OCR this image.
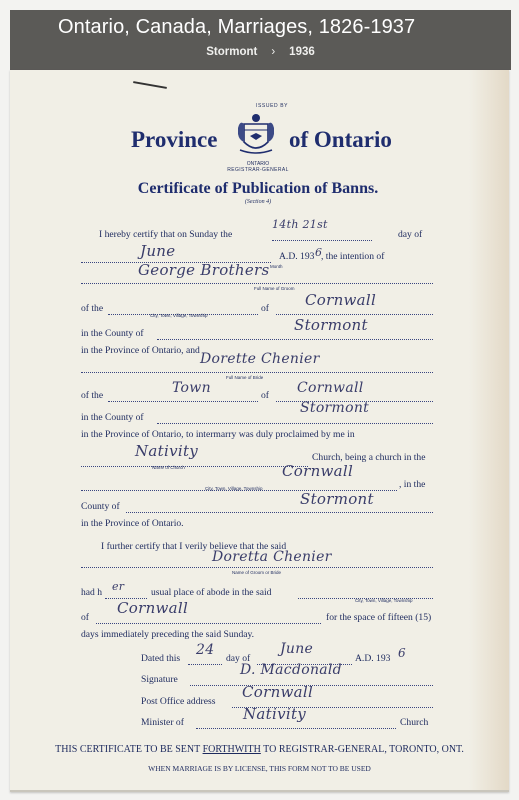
Ontario, Canada, Marriages, 1826-1937
Stormont › 1936
ISSUED BY
Province	of Ontario
ONTARIO
REGISTRAR-GENERAL
Certificate of Publication of Banns.
(Section 4)
I hereby certify that on Sunday the
14th 21st
day of
June
Month
A.D. 193 6
, the intention of
George Brothers
Full Name of Groom
of the
City, Town, Village, Township
of Cornwall
in the County of	Stormont
in the Province of Ontario, and
Dorette Chenier
Full Name of Bride
of the	Town	of Cornwall
in the County of
Stormont
in the Province of Ontario, to intermarry was duly proclaimed by me in
Nativity
Name of Church
Church, being a church in the
Cornwall
City, Town, Village, Township	, in the
County of	Stormont
in the Province of Ontario.
I further certify that I verily believe that the said
Doretta Chenier
Name of Groom or Bride
had h er	usual place of abode in the said
City, Town, Village, Township
of
Cornwall
for the space of fifteen (15)
days immediately preceding the said Sunday.
Dated this
24
day of
June
A.D. 193 6
Signature
D. Macdonald
Post Office address
Cornwall
Minister of	Nativity	Church
THIS CERTIFICATE TO BE SENT FORTHWITH TO REGISTRAR-GENERAL, TORONTO, ONT.
WHEN MARRIAGE IS BY LICENSE, THIS FORM NOT TO BE USED
